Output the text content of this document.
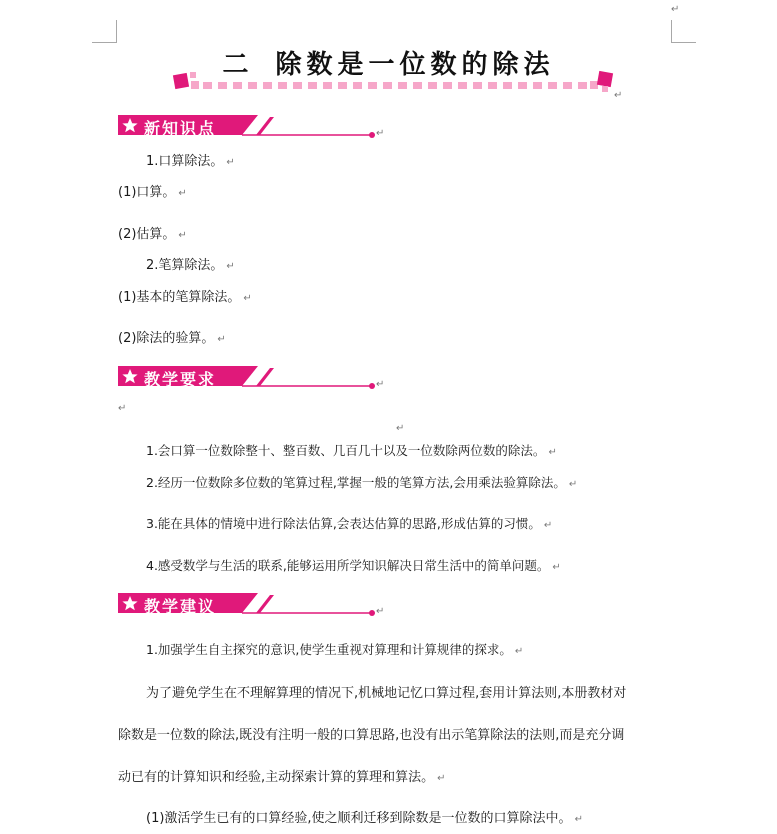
↵
二 除数是一位数的除法
↵
新知识点	↵
1.口算除法。 ↵
(1)口算。 ↵
(2)估算。 ↵
2.笔算除法。 ↵
(1)基本的笔算除法。 ↵
(2)除法的验算。 ↵
教学要求	↵
↵
↵
1.会口算一位数除整十、整百数、几百几十以及一位数除两位数的除法。 ↵
2.经历一位数除多位数的笔算过程,掌握一般的笔算方法,会用乘法验算除法。 ↵
3.能在具体的情境中进行除法估算,会表达估算的思路,形成估算的习惯。 ↵
4.感受数学与生活的联系,能够运用所学知识解决日常生活中的简单问题。 ↵
教学建议	↵
1.加强学生自主探究的意识,使学生重视对算理和计算规律的探求。 ↵
为了避免学生在不理解算理的情况下,机械地记忆口算过程,套用计算法则,本册教材对
除数是一位数的除法,既没有注明一般的口算思路,也没有出示笔算除法的法则,而是充分调
动已有的计算知识和经验,主动探索计算的算理和算法。 ↵
(1)激活学生已有的口算经验,使之顺利迁移到除数是一位数的口算除法中。 ↵
